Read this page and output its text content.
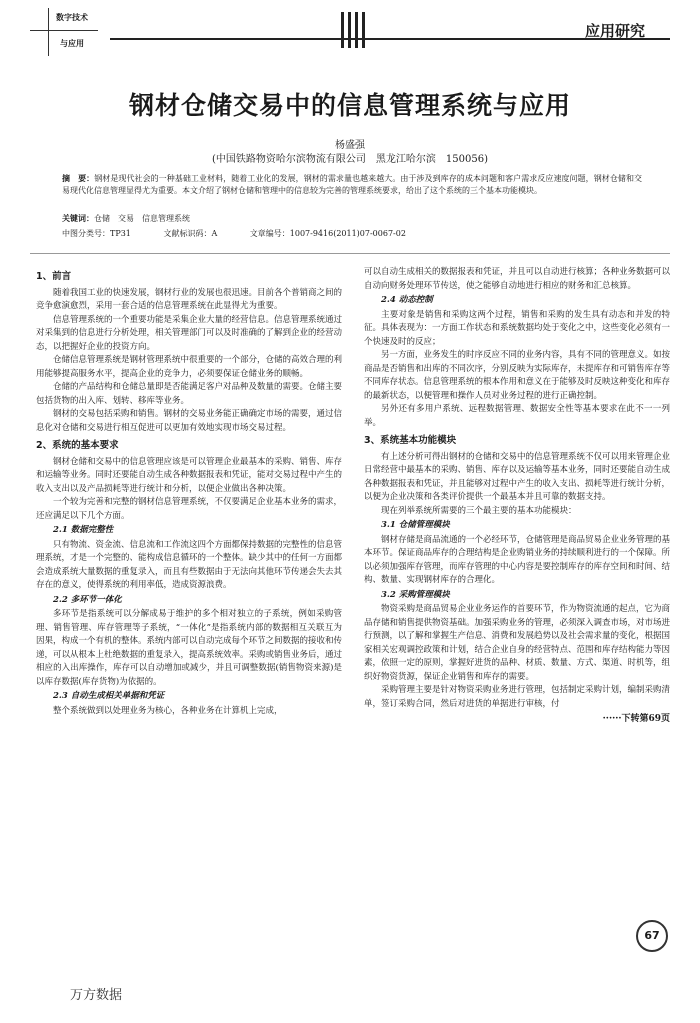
数字技术
与应用
应用研究
钢材仓储交易中的信息管理系统与应用
杨盛强
(中国铁路物资哈尔滨物流有限公司　黑龙江哈尔滨　150056)
摘　要：钢材是现代社会的一种基础工业材料，随着工业化的发展，钢材的需求量也越来越大。由于涉及到库存的成本问题和客户需求反应速度问题，钢材仓储和交易现代化信息管理显得尤为重要。本文介绍了钢材仓储和管理中的信息较为完善的管理系统要求，给出了这个系统的三个基本功能模块。
关键词：仓储　交易　信息管理系统
中图分类号：TP31	文献标识码：A	文章编号：1007-9416(2011)07-0067-02
1、前言

随着我国工业的快速发展，钢材行业的发展也很迅速。目前各个普销商之间的竞争愈演愈烈，采用一套合适的信息管理系统在此显得尤为重要。

信息管理系统的一个重要功能是采集企业大量的经营信息。信息管理系统通过对采集到的信息进行分析处理，相关管理部门可以及时准确的了解到企业的经营动态，以把握好企业的投资方向。

仓储信息管理系统是钢材管理系统中很重要的一个部分，仓储的高效合理的利用能够提高服务水平，提高企业的竞争力，必须要保证仓储业务的顺畅。

仓储的产品结构和仓储总量即是否能满足客户对品种及数量的需要。仓储主要包括货物的出入库、划转、移库等业务。

钢材的交易包括采购和销售。钢材的交易业务能正确确定市场的需要，通过信息化对仓储和交易进行相互促进可以更加有效地实现市场交易过程。

2、系统的基本要求

钢材仓储和交易中的信息管理应该是可以管理企业最基本的采购、销售、库存和运输等业务。同时还要能自动生成各种数据报表和凭证，能对交易过程中产生的收入支出以及产品损耗等进行统计和分析，以便企业做出各种决策。

一个较为完善和完整的钢材信息管理系统，不仅要满足企业基本业务的需求，还应满足以下几个方面。

2.1 数据完整性

只有物流、资金流、信息流和工作流这四个方面都保持数据的完整性的信息管理系统，才是一个完整的、能构成信息循环的一个整体。缺少其中的任何一方面都会造成系统大量数据的重复录入，而且有些数据由于无法向其他环节传递会失去其存在的意义，使得系统的利用率低，造成资源浪费。

2.2 多环节一体化

多环节是指系统可以分解成易于维护的多个相对独立的子系统，例如采购管理、销售管理、库存管理等子系统，“一体化”是指系统内部的数据相互关联互为因果，构成一个有机的整体。系统内部可以自动完成每个环节之间数据的接收和传递，可以从根本上杜绝数据的重复录入，提高系统效率。采购或销售业务后，通过相应的入出库操作，库存可以自动增加或减少，并且可调整数据(销售物资来源)是以库存数据(库存货物)为依据的。

2.3 自动生成相关单据和凭证

整个系统做到以处理业务为核心，各种业务在计算机上完成，

可以自动生成相关的数据报表和凭证，并且可以自动进行核算；各种业务数据可以自动向财务处理环节传送，使之能够自动地进行相应的财务和汇总核算。

2.4 动态控制

主要对象是销售和采购这两个过程，销售和采购的发生具有动态和并发的特征。具体表现为：一方面工作状态和系统数据均处于变化之中，这些变化必须有一个快速及时的反应；

另一方面，业务发生的时序反应不同的业务内容，具有不同的管理意义。如按商品是否销售和出库的不同次序，分别反映为实际库存，未提库存和可销售库存等不同库存状态。信息管理系统的根本作用和意义在于能够及时反映这种变化和库存的最新状态，以便管理和操作人员对业务过程的进行正确控制。

另外还有多用户系统、远程数据管理、数据安全性等基本要求在此不一一列举。

3、系统基本功能模块

有上述分析可得出钢材的仓储和交易中的信息管理系统不仅可以用来管理企业日常经营中最基本的采购、销售、库存以及运输等基本业务，同时还要能自动生成各种数据报表和凭证，并且能够对过程中产生的收入支出、损耗等进行统计分析，以便为企业决策和各类评价提供一个最基本并且可靠的数据支持。

现在列举系统所需要的三个最主要的基本功能模块：

3.1 仓储管理模块

钢材存储是商品流通的一个必经环节，仓储管理是商品贸易企业业务管理的基本环节。保证商品库存的合理结构是企业购销业务的持续顺利进行的一个保障。所以必须加强库存管理，而库存管理的中心内容是要控制库存的库存空间和时间、结构、数量、实现钢材库存的合理化。

3.2 采购管理模块

物资采购是商品贸易企业业务运作的首要环节，作为物资流通的起点，它为商品存储和销售提供物资基础。加强采购业务的管理，必须深入调查市场，对市场进行预测，以了解和掌握生产信息、消费和发展趋势以及社会需求量的变化，根据国家相关宏观调控政策和计划，结合企业自身的经营特点、范围和库存结构能力等因素，依照一定的原则，掌握好进货的品种、材质、数量、方式、渠道、时机等，组织好物资货源，保证企业销售和库存的需要。

采购管理主要是针对物资采购业务进行管理，包括制定采购计划，编制采购清单，签订采购合同，然后对进货的单据进行审核，付

······下转第69页
67
万方数据
